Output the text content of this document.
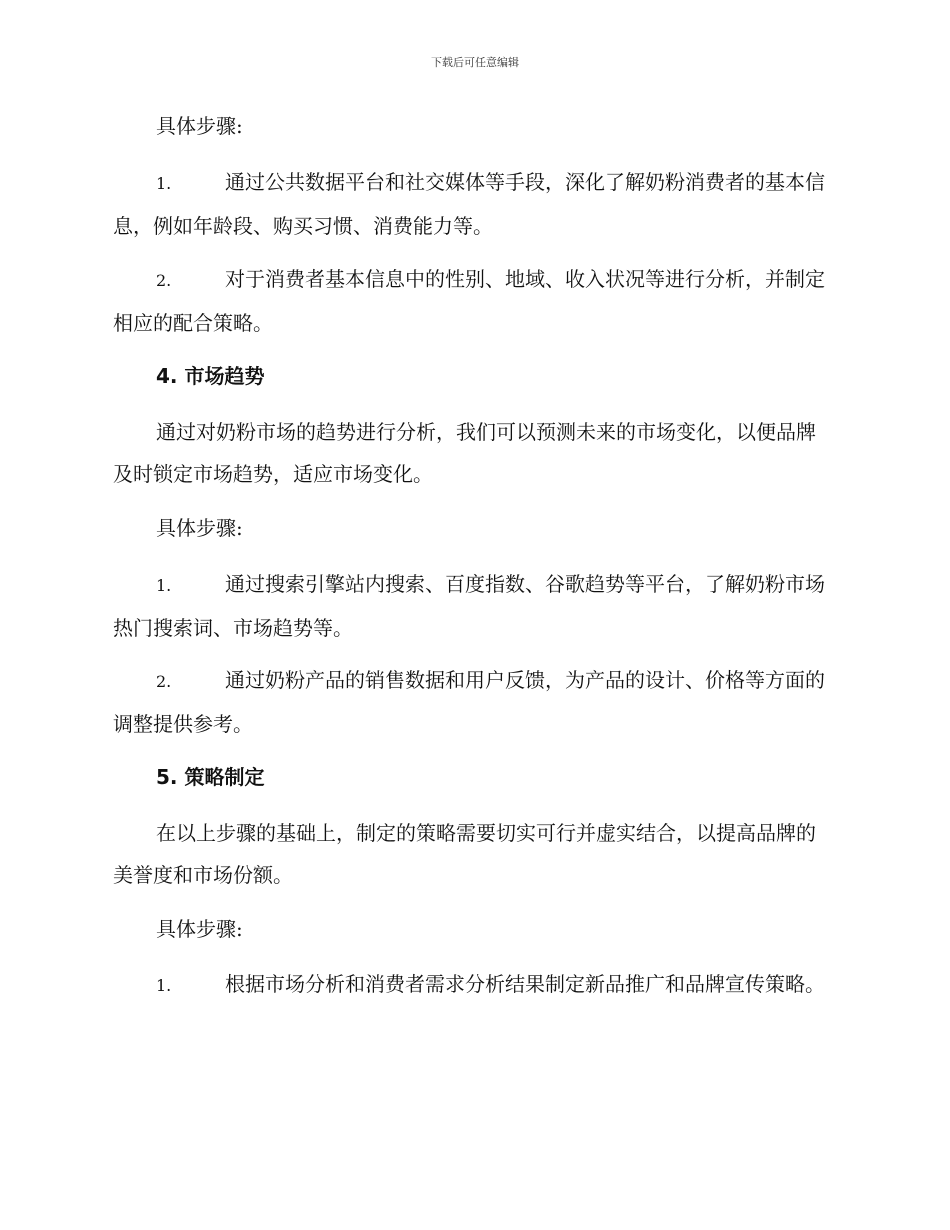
下载后可任意编辑
具体步骤:
1.	通过公共数据平台和社交媒体等手段，深化了解奶粉消费者的基本信息，例如年龄段、购买习惯、消费能力等。
2.	对于消费者基本信息中的性别、地域、收入状况等进行分析，并制定相应的配合策略。
4. 市场趋势
通过对奶粉市场的趋势进行分析，我们可以预测未来的市场变化，以便品牌及时锁定市场趋势，适应市场变化。
具体步骤:
1.	通过搜索引擎站内搜索、百度指数、谷歌趋势等平台，了解奶粉市场热门搜索词、市场趋势等。
2.	通过奶粉产品的销售数据和用户反馈，为产品的设计、价格等方面的调整提供参考。
5. 策略制定
在以上步骤的基础上，制定的策略需要切实可行并虚实结合，以提高品牌的美誉度和市场份额。
具体步骤:
1.	根据市场分析和消费者需求分析结果制定新品推广和品牌宣传策略。
